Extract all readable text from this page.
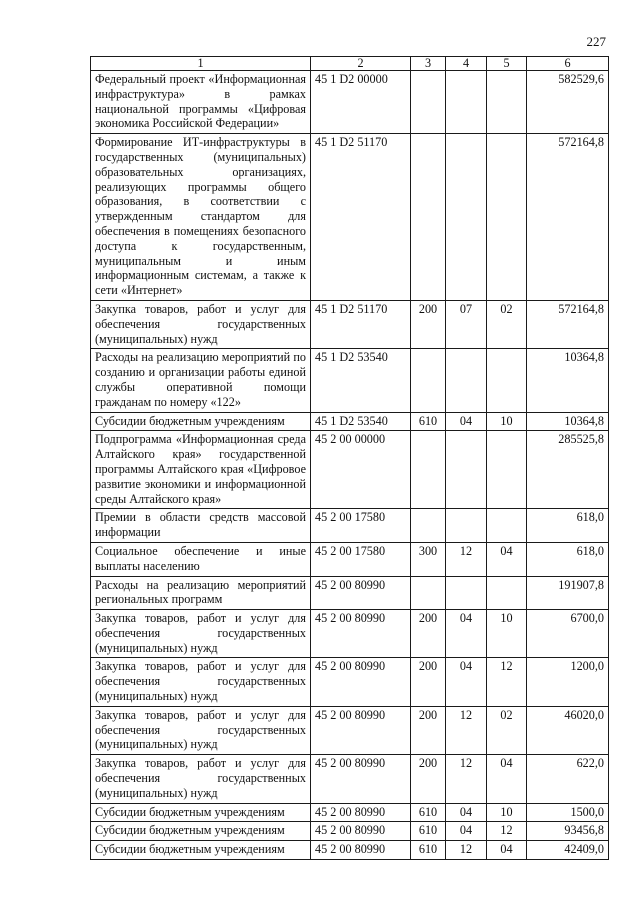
227
1	2	3	4	5	6
Федеральный проект «Информационная инфраструктура» в рамках национальной программы «Цифровая экономика Российской Федерации»	45 1 D2 00000				582529,6
Формирование ИТ-инфраструктуры в государственных (муниципальных) образовательных организациях, реализующих программы общего образования, в соответствии с утвержденным стандартом для обеспечения в помещениях безопасного доступа к государственным, муниципальным и иным информационным системам, а также к сети «Интернет»	45 1 D2 51170				572164,8
Закупка товаров, работ и услуг для обеспечения государственных (муниципальных) нужд	45 1 D2 51170	200	07	02	572164,8
Расходы на реализацию мероприятий по созданию и организации работы единой службы оперативной помощи гражданам по номеру «122»	45 1 D2 53540				10364,8
Субсидии бюджетным учреждениям	45 1 D2 53540	610	04	10	10364,8
Подпрограмма «Информационная среда Алтайского края» государственной программы Алтайского края «Цифровое развитие экономики и информационной среды Алтайского края»	45 2 00 00000				285525,8
Премии в области средств массовой информации	45 2 00 17580				618,0
Социальное обеспечение и иные выплаты населению	45 2 00 17580	300	12	04	618,0
Расходы на реализацию мероприятий региональных программ	45 2 00 80990				191907,8
Закупка товаров, работ и услуг для обеспечения государственных (муниципальных) нужд	45 2 00 80990	200	04	10	6700,0
Закупка товаров, работ и услуг для обеспечения государственных (муниципальных) нужд	45 2 00 80990	200	04	12	1200,0
Закупка товаров, работ и услуг для обеспечения государственных (муниципальных) нужд	45 2 00 80990	200	12	02	46020,0
Закупка товаров, работ и услуг для обеспечения государственных (муниципальных) нужд	45 2 00 80990	200	12	04	622,0
Субсидии бюджетным учреждениям	45 2 00 80990	610	04	10	1500,0
Субсидии бюджетным учреждениям	45 2 00 80990	610	04	12	93456,8
Субсидии бюджетным учреждениям	45 2 00 80990	610	12	04	42409,0
